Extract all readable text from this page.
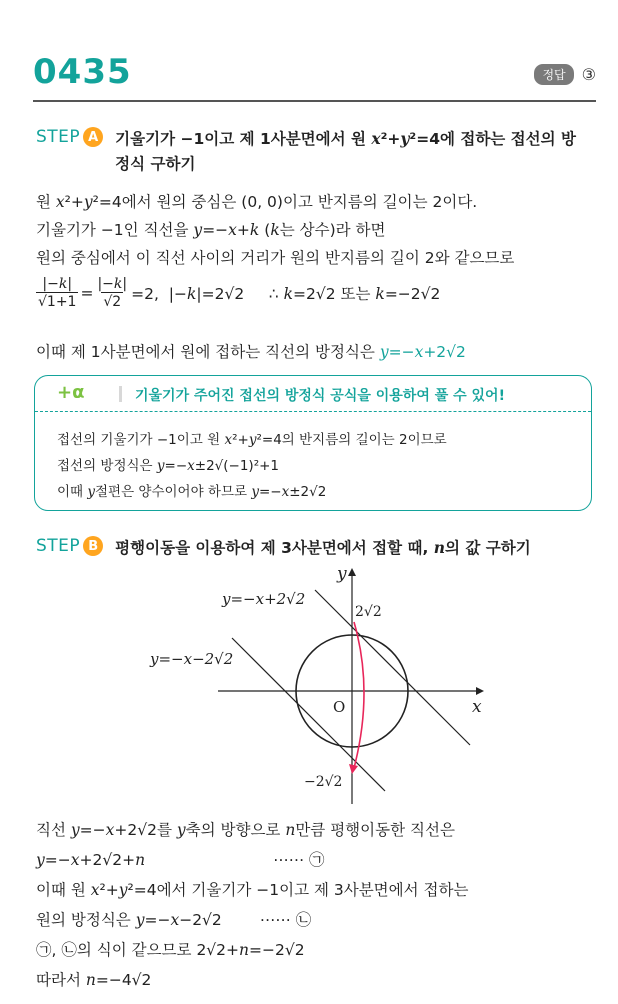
0435	정답	③
STEP A	기울기가 −1이고 제 1사분면에서 원 x²+y²=4에 접하는 접선의 방정식 구하기
원 x²+y²=4에서 원의 중심은 (0, 0)이고 반지름의 길이는 2이다.
기울기가 −1인 직선을 y=−x+k (k는 상수)라 하면
원의 중심에서 이 직선 사이의 거리가 원의 반지름의 길이 2와 같으므로
$\frac{|-k|}{√1+1} = \frac{|-k|}{√2} =2$,  |−k|=2√2     ∴ k=2√2 또는 k=−2√2
이때 제 1사분면에서 원에 접하는 직선의 방정식은 y=−x+2√2
+α	기울기가 주어진 접선의 방정식 공식을 이용하여 풀 수 있어!
접선의 기울기가 −1이고 원 x²+y²=4의 반지름의 길이는 2이므로
접선의 방정식은 y=−x±2√(−1)²+1
이때 y절편은 양수이어야 하므로 y=−x±2√2
STEP B	평행이동을 이용하여 제 3사분면에서 접할 때, n의 값 구하기
y=−x+2√2
y=−x−2√2
2√2
−2√2
O	x
y
직선 y=−x+2√2를 y축의 방향으로 n만큼 평행이동한 직선은
y=−x+2√2+n	⋯⋯ ㉠
이때 원 x²+y²=4에서 기울기가 −1이고 제 3사분면에서 접하는
원의 방정식은 y=−x−2√2 ⋯⋯ ㉡
㉠, ㉡의 식이 같으므로 2√2+n=−2√2
따라서 n=−4√2
